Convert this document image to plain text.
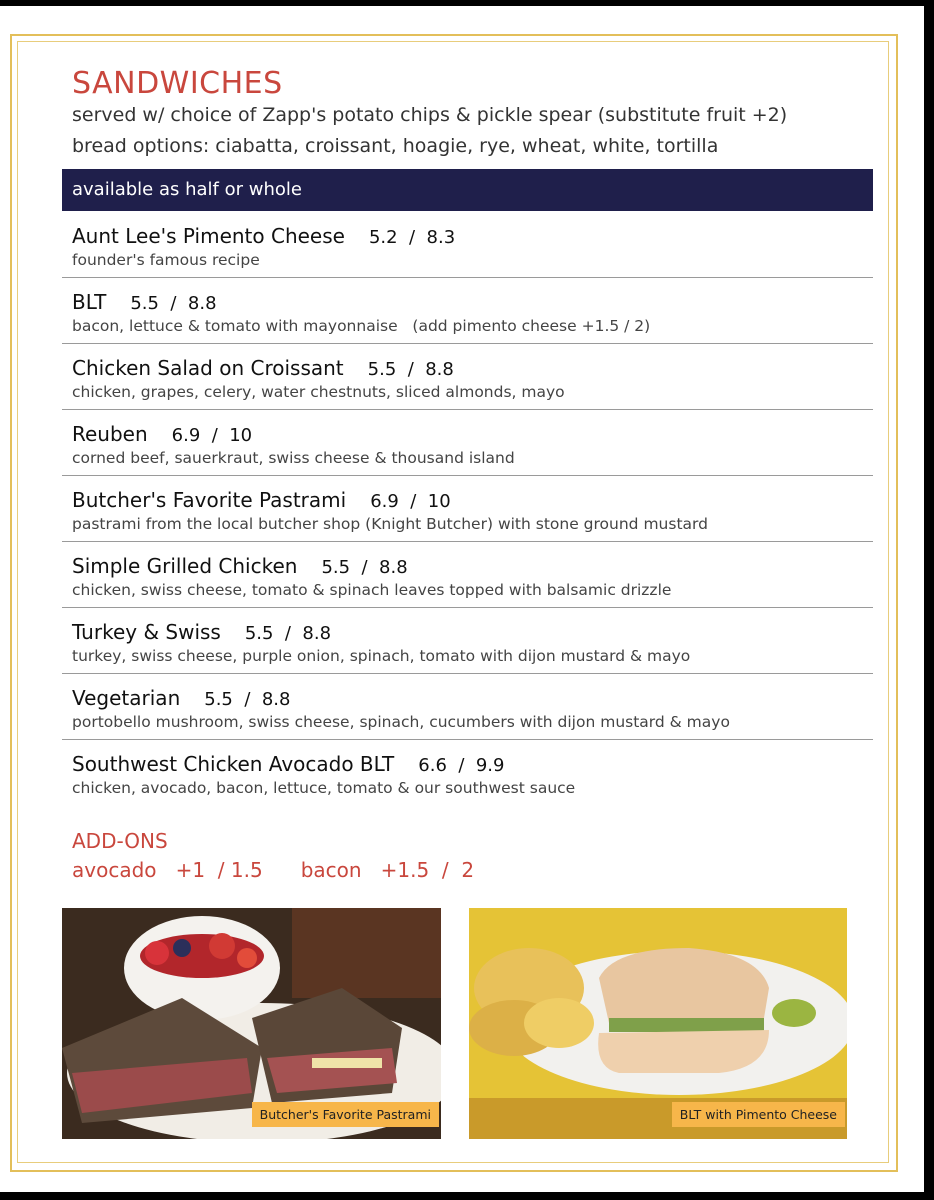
SANDWICHES
served w/ choice of Zapp's potato chips & pickle spear (substitute fruit +2)
bread options: ciabatta, croissant, hoagie, rye, wheat, white, tortilla
available as half or whole
Aunt Lee's Pimento Cheese 5.2  /  8.3
founder's famous recipe
BLT 5.5  /  8.8
bacon, lettuce & tomato with mayonnaise   (add pimento cheese +1.5 / 2)
Chicken Salad on Croissant 5.5  /  8.8
chicken, grapes, celery, water chestnuts, sliced almonds, mayo
Reuben 6.9  /  10
corned beef, sauerkraut, swiss cheese & thousand island
Butcher's Favorite Pastrami 6.9  /  10
pastrami from the local butcher shop (Knight Butcher) with stone ground mustard
Simple Grilled Chicken 5.5  /  8.8
chicken, swiss cheese, tomato & spinach leaves topped with balsamic drizzle
Turkey & Swiss 5.5  /  8.8
turkey, swiss cheese, purple onion, spinach, tomato with dijon mustard & mayo
Vegetarian 5.5  /  8.8
portobello mushroom, swiss cheese, spinach, cucumbers with dijon mustard & mayo
Southwest Chicken Avocado BLT 6.6  /  9.9
chicken, avocado, bacon, lettuce, tomato & our southwest sauce
ADD-ONS
avocado   +1  / 1.5 bacon   +1.5  /  2
Butcher's Favorite Pastrami	BLT with Pimento Cheese
